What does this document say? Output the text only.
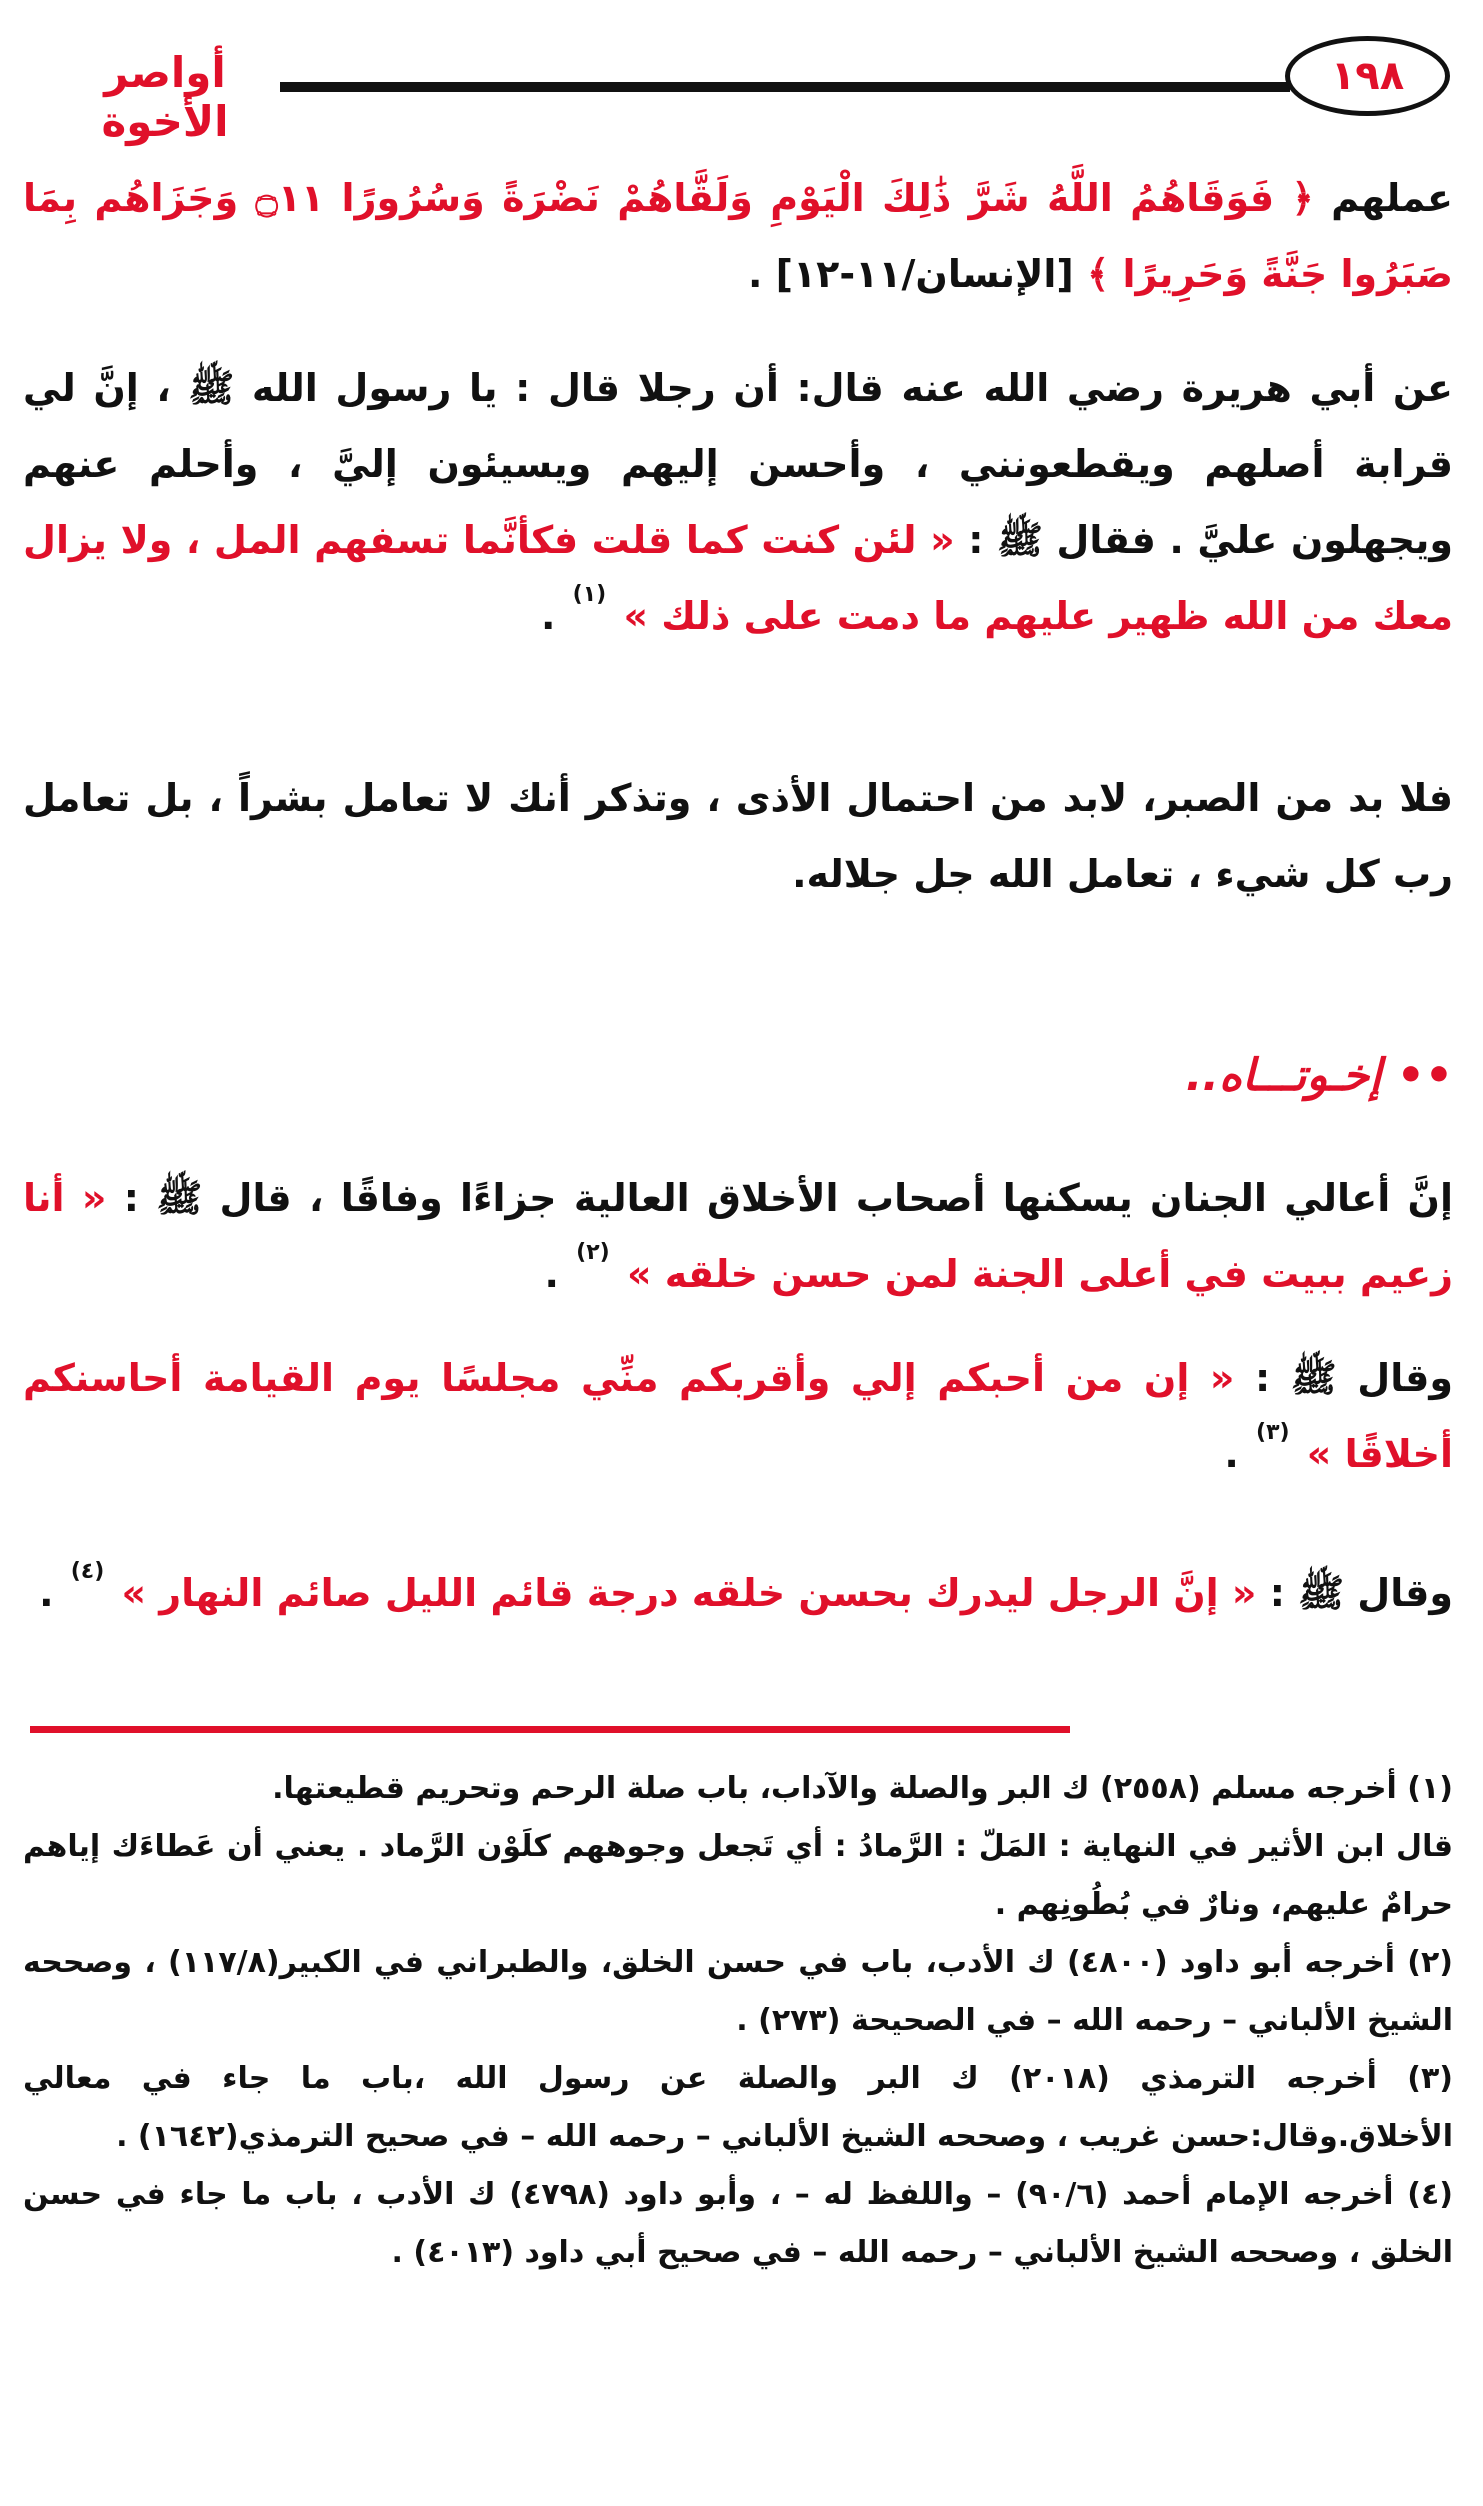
أواصر الأخوة
١٩٨

عملهم ﴿ فَوَقَاهُمُ اللَّهُ شَرَّ ذَٰلِكَ الْيَوْمِ وَلَقَّاهُمْ نَضْرَةً وَسُرُورًا ۝١١ وَجَزَاهُم بِمَا صَبَرُوا جَنَّةً وَحَرِيرًا ﴾ [الإنسان/١١-١٢] .

عن أبي هريرة رضي الله عنه قال: أن رجلا قال : يا رسول الله ﷺ ، إنَّ لي قرابة أصلهم ويقطعونني ، وأحسن إليهم ويسيئون إليَّ ، وأحلم عنهم ويجهلون عليَّ . فقال ﷺ : « لئن كنت كما قلت فكأنَّما تسفهم المل ، ولا يزال معك من الله ظهير عليهم ما دمت على ذلك » $^{(١)}$ .

فلا بد من الصبر، لابد من احتمال الأذى ، وتذكر أنك لا تعامل بشراً ، بل تعامل رب كل شيء ، تعامل الله جل جلاله.

•• إخـوتـــاه..

إنَّ أعالي الجنان يسكنها أصحاب الأخلاق العالية جزاءًا وفاقًا ، قال ﷺ : « أنا زعيم ببيت في أعلى الجنة لمن حسن خلقه » $^{(٢)}$ .

وقال ﷺ : « إن من أحبكم إلي وأقربكم منِّي مجلسًا يوم القيامة أحاسنكم أخلاقًا » $^{(٣)}$ .

وقال ﷺ : « إنَّ الرجل ليدرك بحسن خلقه درجة قائم الليل صائم النهار » $^{(٤)}$ .

(١) أخرجه مسلم (٢٥٥٨) ك البر والصلة والآداب، باب صلة الرحم وتحريم قطيعتها.

قال ابن الأثير في النهاية : المَلّ : الرَّمادُ : أي تَجعل وجوههم كلَوْن الرَّماد . يعني أن عَطاءَك إياهم حرامٌ عليهم، ونارٌ في بُطُونِهم .

(٢) أخرجه أبو داود (٤٨٠٠) ك الأدب، باب في حسن الخلق، والطبراني في الكبير(١١٧/٨) ، وصححه الشيخ الألباني – رحمه الله – في الصحيحة (٢٧٣) .

(٣) أخرجه الترمذي (٢٠١٨) ك البر والصلة عن رسول الله ،باب ما جاء في معالي الأخلاق.وقال:حسن غريب ، وصححه الشيخ الألباني – رحمه الله – في صحيح الترمذي(١٦٤٢) .

(٤) أخرجه الإمام أحمد (٩٠/٦) – واللفظ له – ، وأبو داود (٤٧٩٨) ك الأدب ، باب ما جاء في حسن الخلق ، وصححه الشيخ الألباني – رحمه الله – في صحيح أبي داود (٤٠١٣) .
